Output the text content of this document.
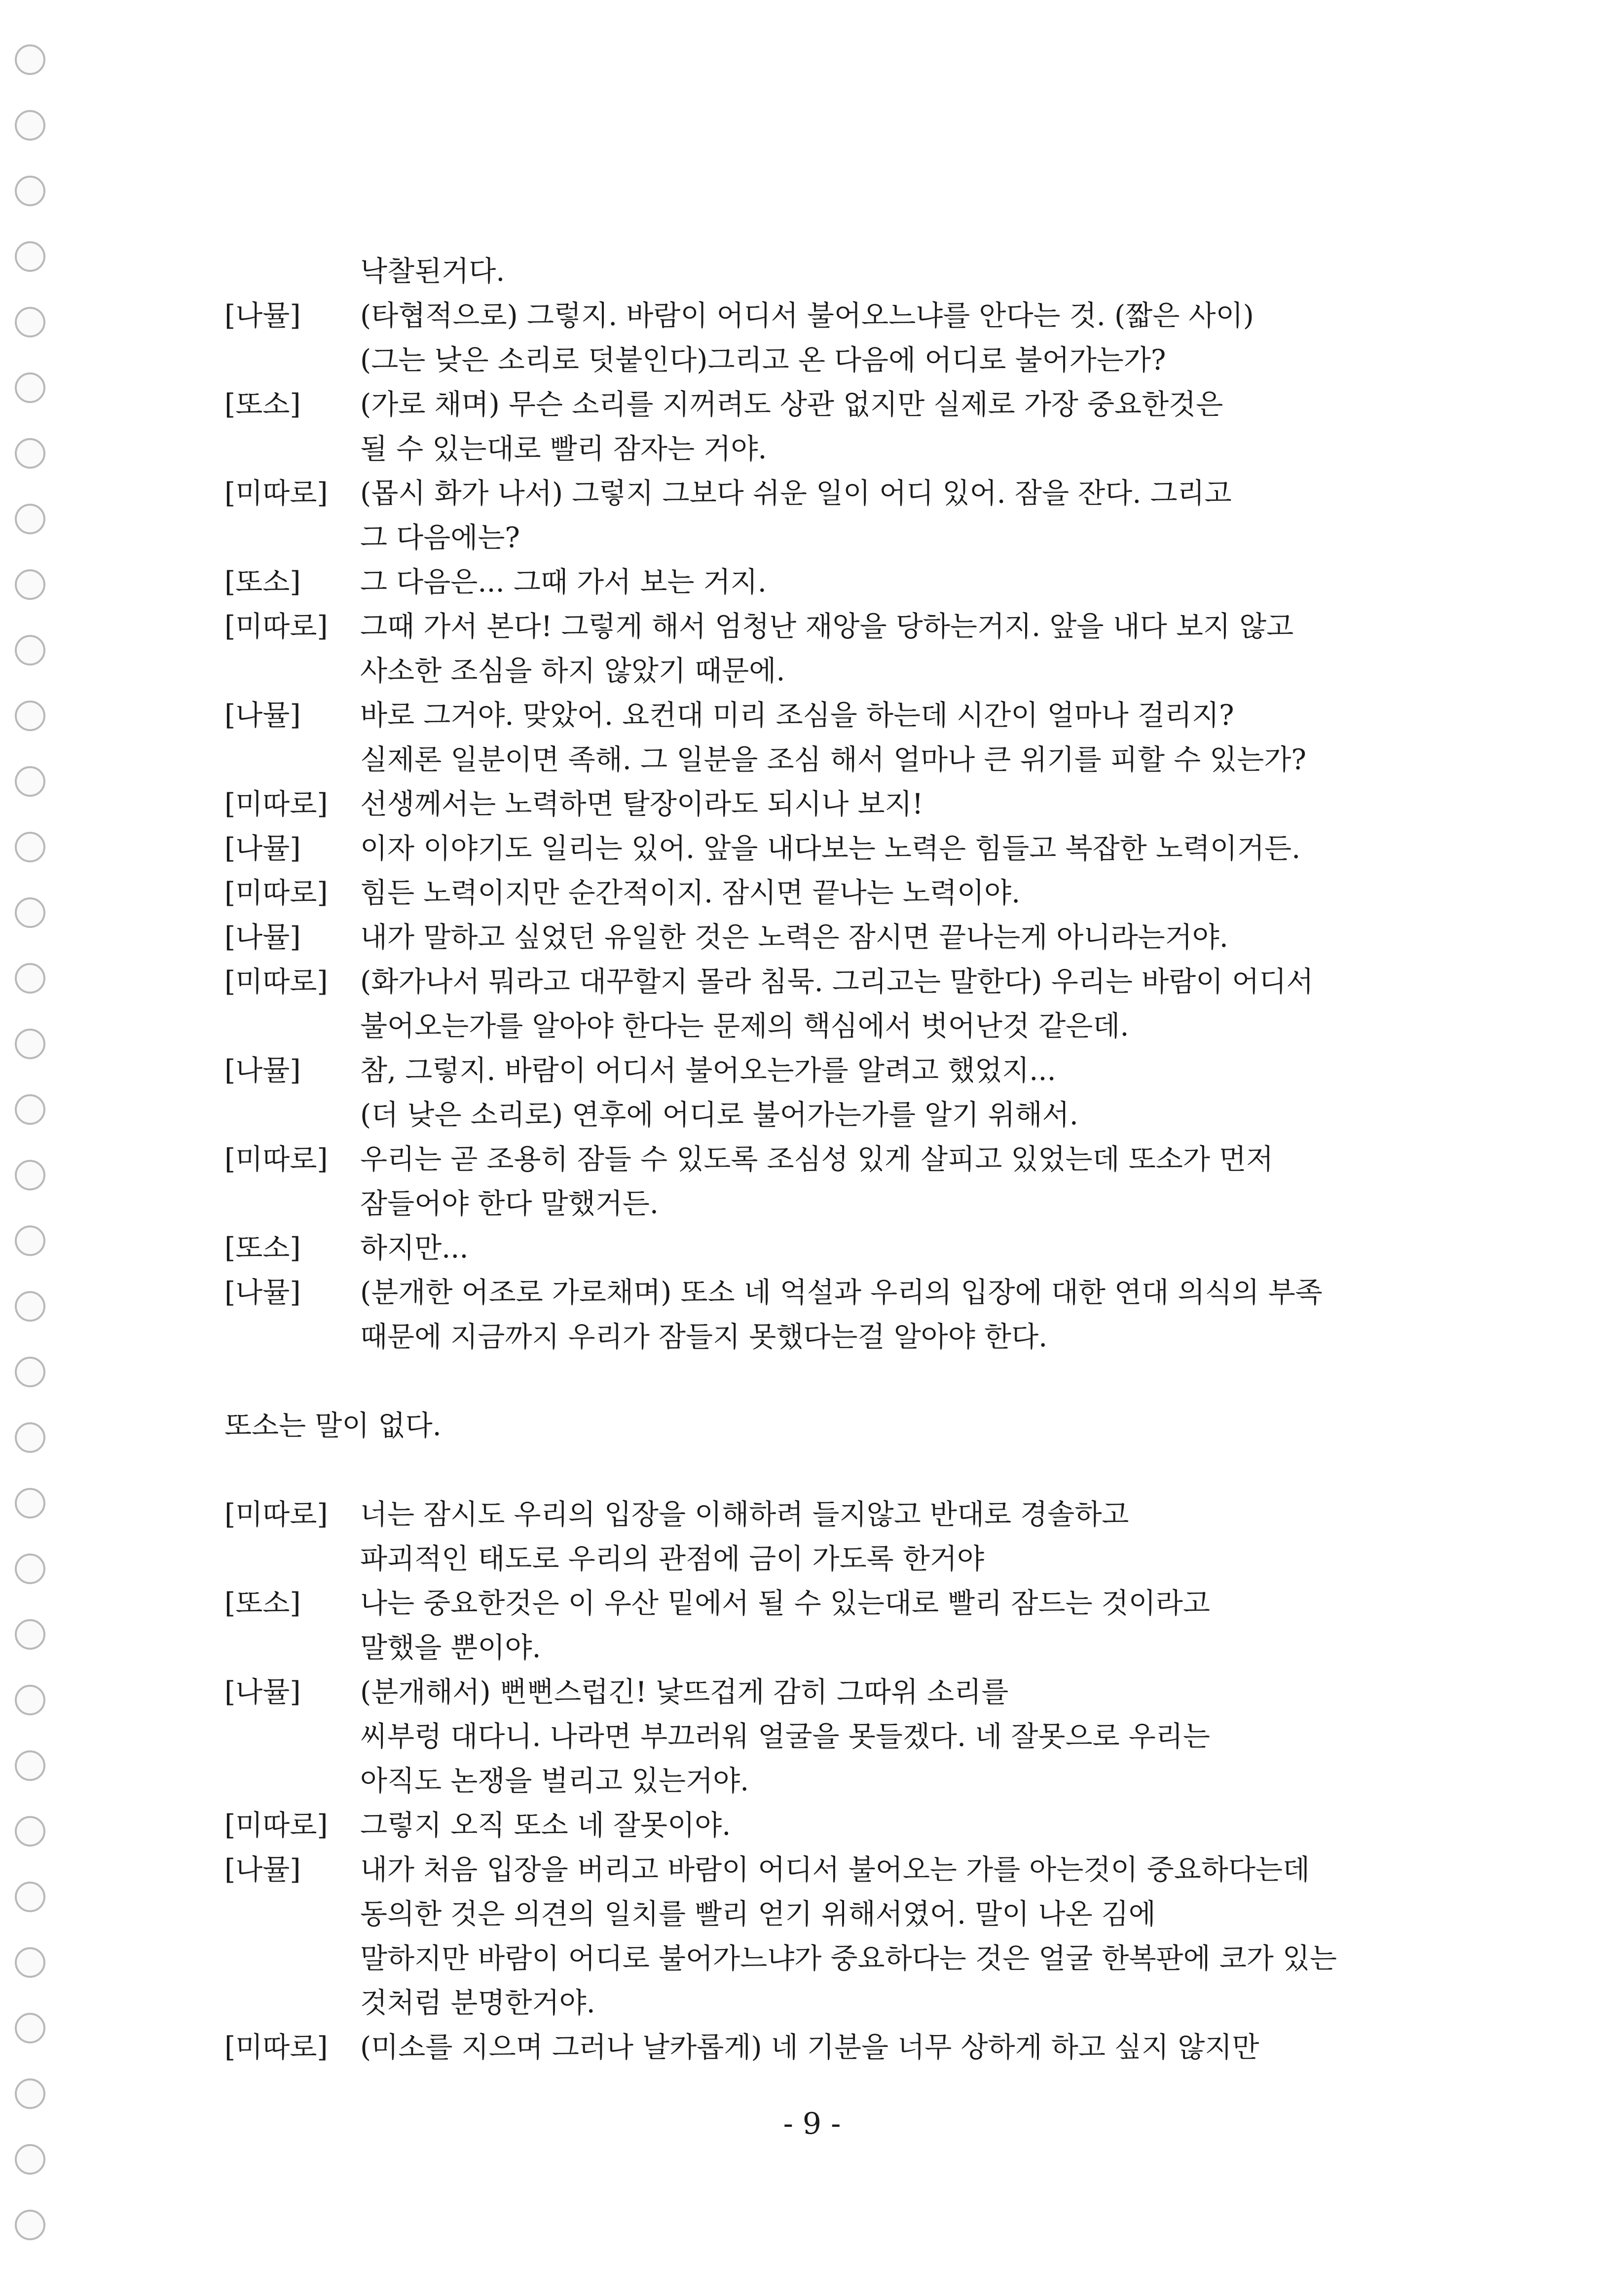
낙찰된거다.
[나뮬] (타협적으로) 그렇지. 바람이 어디서 불어오느냐를 안다는 것. (짧은 사이)
(그는 낮은 소리로 덧붙인다)그리고 온 다음에 어디로 불어가는가?
[또소] (가로 채며) 무슨 소리를 지꺼려도 상관 없지만 실제로 가장 중요한것은
될 수 있는대로 빨리 잠자는 거야.
[미따로] (몹시 화가 나서) 그렇지 그보다 쉬운 일이 어디 있어. 잠을 잔다. 그리고
그 다음에는?
[또소] 그 다음은... 그때 가서 보는 거지.
[미따로] 그때 가서 본다! 그렇게 해서 엄청난 재앙을 당하는거지. 앞을 내다 보지 않고
사소한 조심을 하지 않았기 때문에.
[나뮬] 바로 그거야. 맞았어. 요컨대 미리 조심을 하는데 시간이 얼마나 걸리지?
실제론 일분이면 족해. 그 일분을 조심 해서 얼마나 큰 위기를 피할 수 있는가?
[미따로] 선생께서는 노력하면 탈장이라도 되시나 보지!
[나뮬] 이자 이야기도 일리는 있어. 앞을 내다보는 노력은 힘들고 복잡한 노력이거든.
[미따로] 힘든 노력이지만 순간적이지. 잠시면 끝나는 노력이야.
[나뮬] 내가 말하고 싶었던 유일한 것은 노력은 잠시면 끝나는게 아니라는거야.
[미따로] (화가나서 뭐라고 대꾸할지 몰라 침묵. 그리고는 말한다) 우리는 바람이 어디서
불어오는가를 알아야 한다는 문제의 핵심에서 벗어난것 같은데.
[나뮬] 참, 그렇지. 바람이 어디서 불어오는가를 알려고 했었지...
(더 낮은 소리로) 연후에 어디로 불어가는가를 알기 위해서.
[미따로] 우리는 곧 조용히 잠들 수 있도록 조심성 있게 살피고 있었는데 또소가 먼저
잠들어야 한다 말했거든.
[또소] 하지만...
[나뮬] (분개한 어조로 가로채며) 또소 네 억설과 우리의 입장에 대한 연대 의식의 부족
때문에 지금까지 우리가 잠들지 못했다는걸 알아야 한다.
또소는 말이 없다.
[미따로] 너는 잠시도 우리의 입장을 이해하려 들지않고 반대로 경솔하고
파괴적인 태도로 우리의 관점에 금이 가도록 한거야
[또소] 나는 중요한것은 이 우산 밑에서 될 수 있는대로 빨리 잠드는 것이라고
말했을 뿐이야.
[나뮬] (분개해서) 뻔뻔스럽긴! 낯뜨겁게 감히 그따위 소리를
씨부렁 대다니. 나라면 부끄러워 얼굴을 못들겠다. 네 잘못으로 우리는
아직도 논쟁을 벌리고 있는거야.
[미따로] 그렇지 오직 또소 네 잘못이야.
[나뮬] 내가 처음 입장을 버리고 바람이 어디서 불어오는 가를 아는것이 중요하다는데
동의한 것은 의견의 일치를 빨리 얻기 위해서였어. 말이 나온 김에
말하지만 바람이 어디로 불어가느냐가 중요하다는 것은 얼굴 한복판에 코가 있는
것처럼 분명한거야.
[미따로] (미소를 지으며 그러나 날카롭게) 네 기분을 너무 상하게 하고 싶지 않지만
- 9 -
